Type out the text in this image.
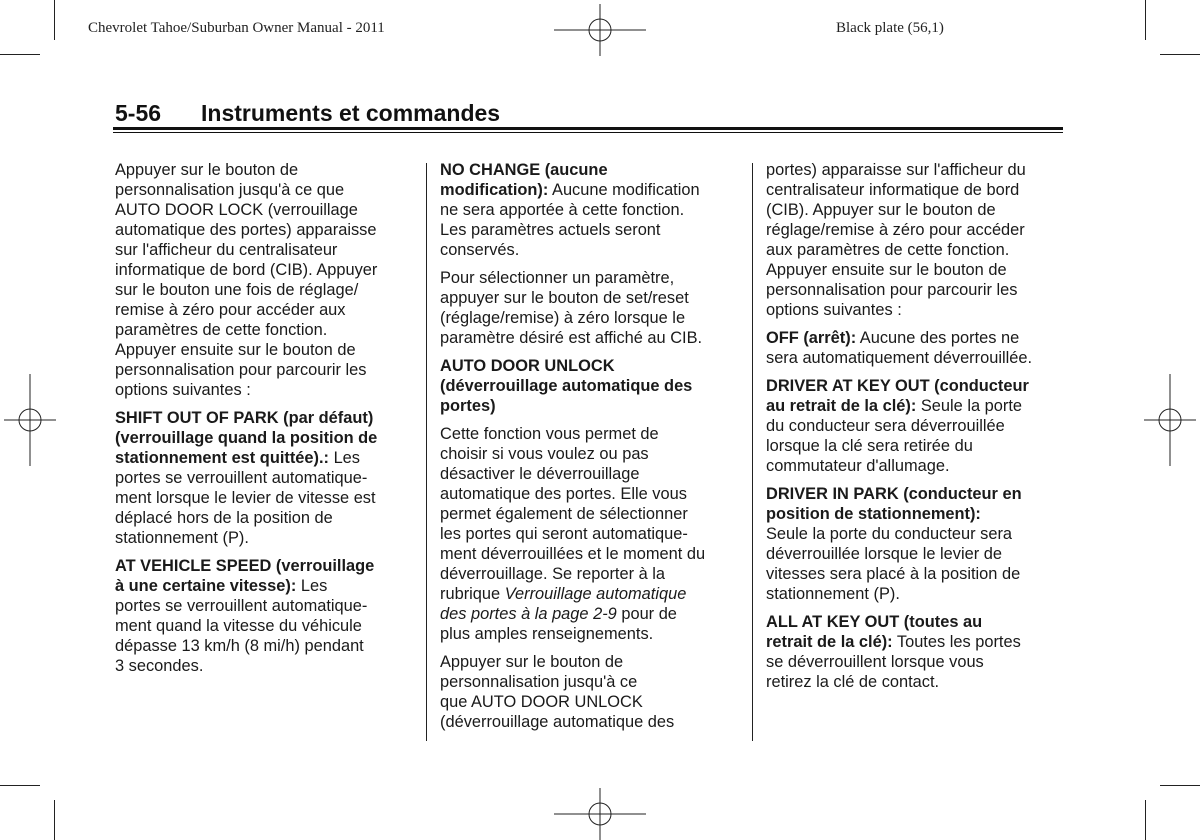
Chevrolet Tahoe/Suburban Owner Manual - 2011	Black plate (56,1)
5-56 Instruments et commandes

Appuyer sur le bouton de
personnalisation jusqu'à ce que
AUTO DOOR LOCK (verrouillage
automatique des portes) apparaisse
sur l'afficheur du centralisateur
informatique de bord (CIB). Appuyer
sur le bouton une fois de réglage/
remise à zéro pour accéder aux
paramètres de cette fonction.
Appuyer ensuite sur le bouton de
personnalisation pour parcourir les
options suivantes :

SHIFT OUT OF PARK (par défaut)
(verrouillage quand la position de
stationnement est quittée).: Les
portes se verrouillent automatique-
ment lorsque le levier de vitesse est
déplacé hors de la position de
stationnement (P).

AT VEHICLE SPEED (verrouillage
à une certaine vitesse): Les
portes se verrouillent automatique-
ment quand la vitesse du véhicule
dépasse 13 km/h (8 mi/h) pendant
3 secondes.

NO CHANGE (aucune
modification): Aucune modification
ne sera apportée à cette fonction.
Les paramètres actuels seront
conservés.

Pour sélectionner un paramètre,
appuyer sur le bouton de set/reset
(réglage/remise) à zéro lorsque le
paramètre désiré est affiché au CIB.

AUTO DOOR UNLOCK
(déverrouillage automatique des
portes)

Cette fonction vous permet de
choisir si vous voulez ou pas
désactiver le déverrouillage
automatique des portes. Elle vous
permet également de sélectionner
les portes qui seront automatique-
ment déverrouillées et le moment du
déverrouillage. Se reporter à la
rubrique Verrouillage automatique
des portes à la page 2-9 pour de
plus amples renseignements.

Appuyer sur le bouton de
personnalisation jusqu'à ce
que AUTO DOOR UNLOCK
(déverrouillage automatique des

portes) apparaisse sur l'afficheur du
centralisateur informatique de bord
(CIB). Appuyer sur le bouton de
réglage/remise à zéro pour accéder
aux paramètres de cette fonction.
Appuyer ensuite sur le bouton de
personnalisation pour parcourir les
options suivantes :

OFF (arrêt): Aucune des portes ne
sera automatiquement déverrouillée.

DRIVER AT KEY OUT (conducteur
au retrait de la clé): Seule la porte
du conducteur sera déverrouillée
lorsque la clé sera retirée du
commutateur d'allumage.

DRIVER IN PARK (conducteur en
position de stationnement):
Seule la porte du conducteur sera
déverrouillée lorsque le levier de
vitesses sera placé à la position de
stationnement (P).

ALL AT KEY OUT (toutes au
retrait de la clé): Toutes les portes
se déverrouillent lorsque vous
retirez la clé de contact.
